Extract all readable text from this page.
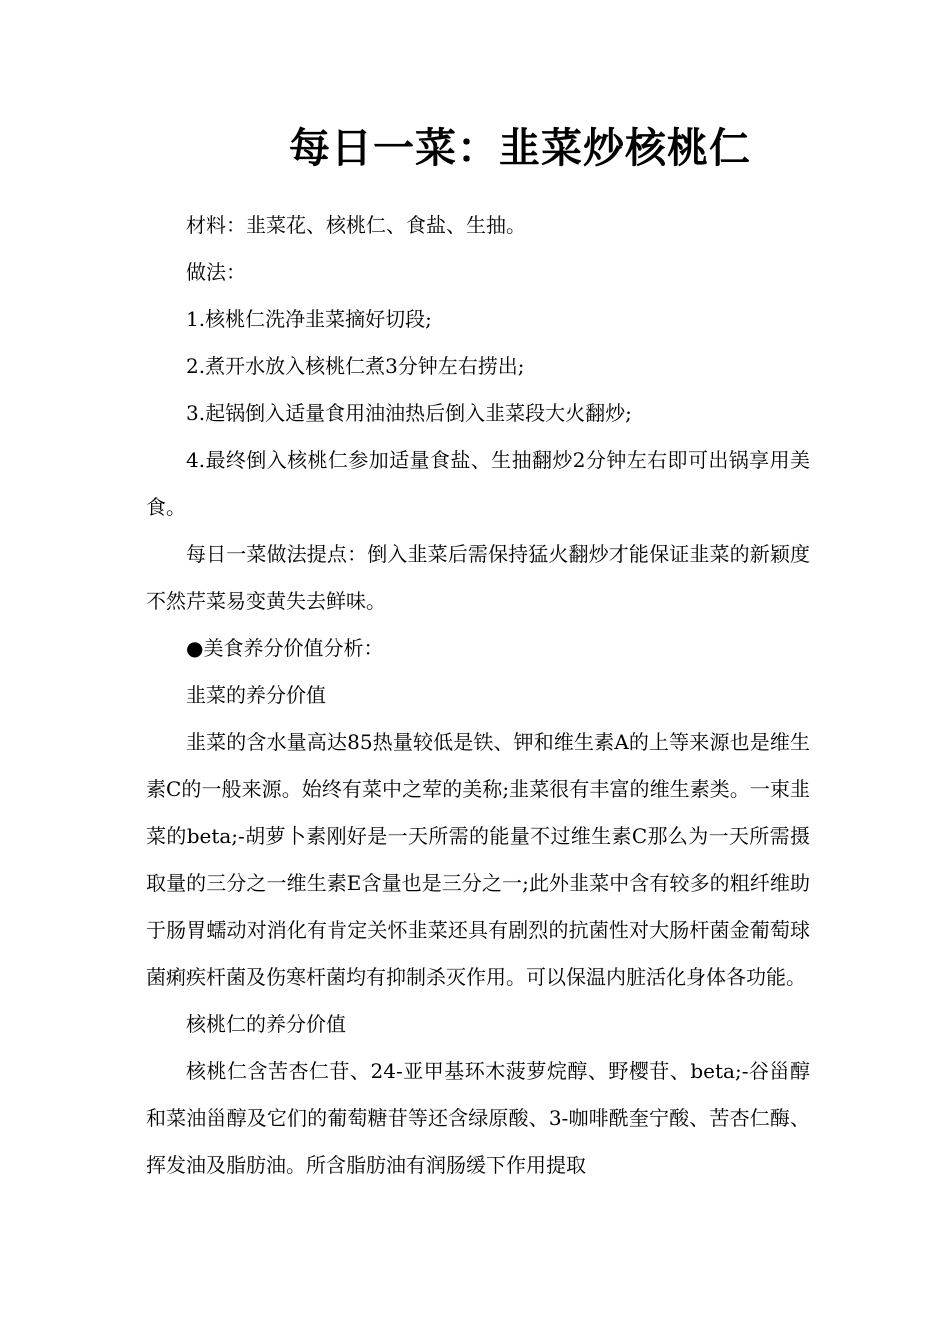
每日一菜：韭菜炒核桃仁

材料：韭菜花、核桃仁、食盐、生抽。

做法：

1.核桃仁洗净韭菜摘好切段;

2.煮开水放入核桃仁煮3分钟左右捞出;

3.起锅倒入适量食用油油热后倒入韭菜段大火翻炒;

4.最终倒入核桃仁参加适量食盐、生抽翻炒2分钟左右即可出锅享用美食。

每日一菜做法提点：倒入韭菜后需保持猛火翻炒才能保证韭菜的新颖度不然芹菜易变黄失去鲜味。

●美食养分价值分析：

韭菜的养分价值

韭菜的含水量高达85热量较低是铁、钾和维生素A的上等来源也是维生素C的一般来源。始终有菜中之荤的美称;韭菜很有丰富的维生素类。一束韭菜的beta;-胡萝卜素刚好是一天所需的能量不过维生素C那么为一天所需摄取量的三分之一维生素E含量也是三分之一;此外韭菜中含有较多的粗纤维助于肠胃蠕动对消化有肯定关怀韭菜还具有剧烈的抗菌性对大肠杆菌金葡萄球菌痢疾杆菌及伤寒杆菌均有抑制杀灭作用。可以保温内脏活化身体各功能。

核桃仁的养分价值

核桃仁含苦杏仁苷、24-亚甲基环木菠萝烷醇、野樱苷、beta;-谷甾醇和菜油甾醇及它们的葡萄糖苷等还含绿原酸、3-咖啡酰奎宁酸、苦杏仁酶、挥发油及脂肪油。所含脂肪油有润肠缓下作用提取
